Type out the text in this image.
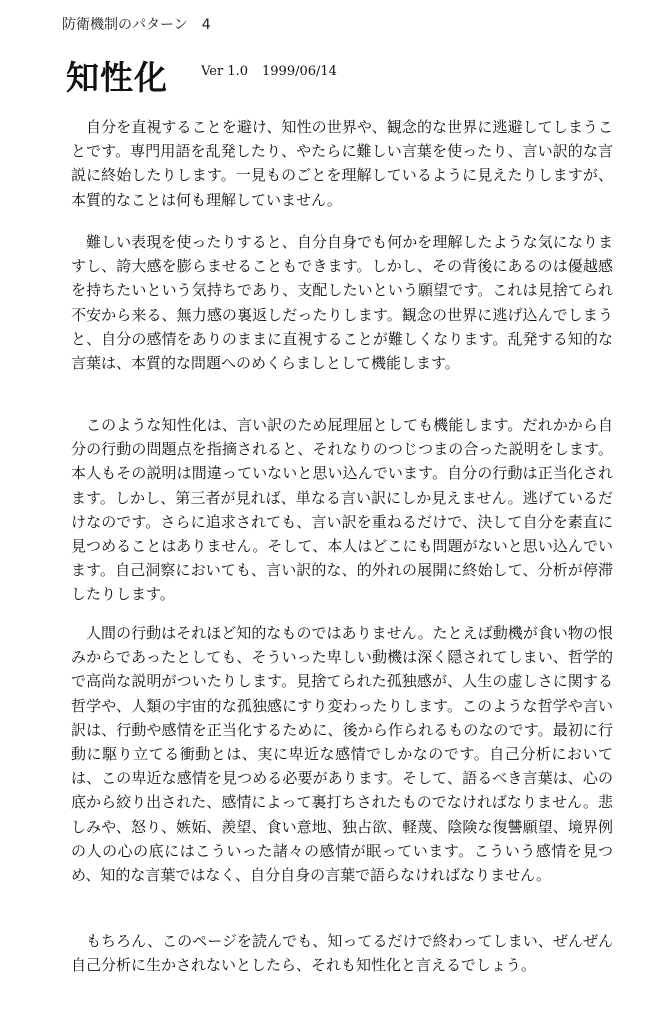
防衛機制のパターン 4
知性化	$^{Ver 1.0 1999/06/14}$

自分を直視することを避け、知性の世界や、観念的な世界に逃避してしまうことです。専門用語を乱発したり、やたらに難しい言葉を使ったり、言い訳的な言説に終始したりします。一見ものごとを理解しているように見えたりしますが、本質的なことは何も理解していません。

難しい表現を使ったりすると、自分自身でも何かを理解したような気になりますし、誇大感を膨らませることもできます。しかし、その背後にあるのは優越感を持ちたいという気持ちであり、支配したいという願望です。これは見捨てられ不安から来る、無力感の裏返しだったりします。観念の世界に逃げ込んでしまうと、自分の感情をありのままに直視することが難しくなります。乱発する知的な言葉は、本質的な問題へのめくらましとして機能します。

このような知性化は、言い訳のため屁理屈としても機能します。だれかから自分の行動の問題点を指摘されると、それなりのつじつまの合った説明をします。本人もその説明は間違っていないと思い込んでいます。自分の行動は正当化されます。しかし、第三者が見れば、単なる言い訳にしか見えません。逃げているだけなのです。さらに追求されても、言い訳を重ねるだけで、決して自分を素直に見つめることはありません。そして、本人はどこにも問題がないと思い込んでいます。自己洞察においても、言い訳的な、的外れの展開に終始して、分析が停滞したりします。

人間の行動はそれほど知的なものではありません。たとえば動機が食い物の恨みからであったとしても、そういった卑しい動機は深く隠されてしまい、哲学的で高尚な説明がついたりします。見捨てられた孤独感が、人生の虚しさに関する哲学や、人類の宇宙的な孤独感にすり変わったりします。このような哲学や言い訳は、行動や感情を正当化するために、後から作られるものなのです。最初に行動に駆り立てる衝動とは、実に卑近な感情でしかなのです。自己分析においては、この卑近な感情を見つめる必要があります。そして、語るべき言葉は、心の底から絞り出された、感情によって裏打ちされたものでなければなりません。悲しみや、怒り、嫉妬、羨望、食い意地、独占欲、軽蔑、陰険な復讐願望、境界例の人の心の底にはこういった諸々の感情が眠っています。こういう感情を見つめ、知的な言葉ではなく、自分自身の言葉で語らなければなりません。

もちろん、このページを読んでも、知ってるだけで終わってしまい、ぜんぜん自己分析に生かされないとしたら、それも知性化と言えるでしょう。
